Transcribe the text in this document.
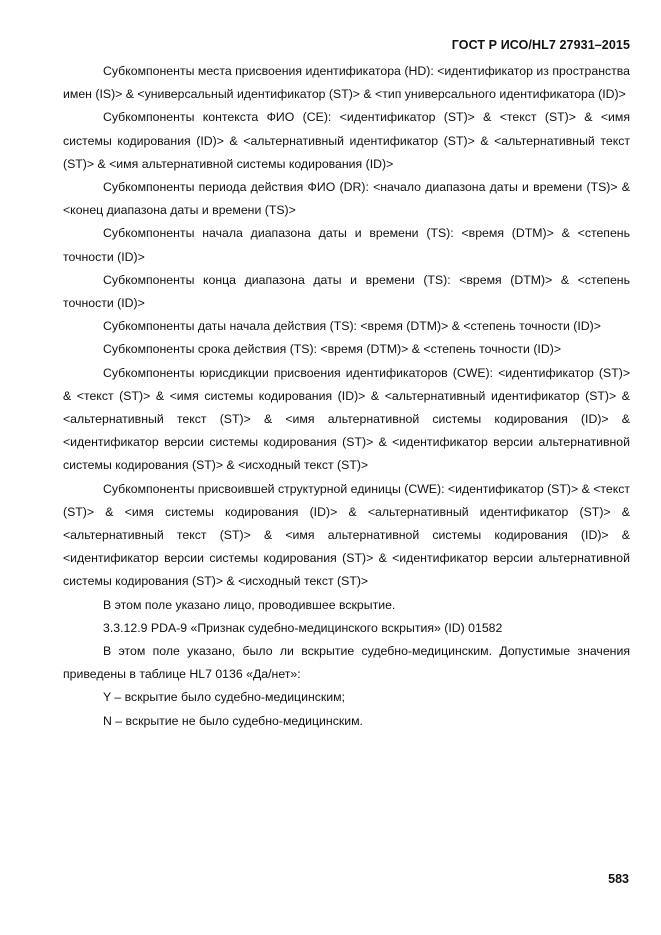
ГОСТ Р ИСО/HL7 27931–2015

Субкомпоненты места присвоения идентификатора (HD): <идентификатор из пространства имен (IS)> & <универсальный идентификатор (ST)> & <тип универсального идентификатора (ID)>

Субкомпоненты контекста ФИО (CE): <идентификатор (ST)> & <текст (ST)> & <имя системы кодирования (ID)> & <альтернативный идентификатор (ST)> & <альтернативный текст (ST)> & <имя альтернативной системы кодирования (ID)>

Субкомпоненты периода действия ФИО (DR): <начало диапазона даты и времени (TS)> & <конец диапазона даты и времени (TS)>

Субкомпоненты начала диапазона даты и времени (TS): <время (DTM)> & <степень точности (ID)>

Субкомпоненты конца диапазона даты и времени (TS): <время (DTM)> & <степень точности (ID)>

Субкомпоненты даты начала действия (TS): <время (DTM)> & <степень точности (ID)>

Субкомпоненты срока действия (TS): <время (DTM)> & <степень точности (ID)>

Субкомпоненты юрисдикции присвоения идентификаторов (CWE): <идентификатор (ST)> & <текст (ST)> & <имя системы кодирования (ID)> & <альтернативный идентификатор (ST)> & <альтернативный текст (ST)> & <имя альтернативной системы кодирования (ID)> & <идентификатор версии системы кодирования (ST)> & <идентификатор версии альтернативной системы кодирования (ST)> & <исходный текст (ST)>

Субкомпоненты присвоившей структурной единицы (CWE): <идентификатор (ST)> & <текст (ST)> & <имя системы кодирования (ID)> & <альтернативный идентификатор (ST)> & <альтернативный текст (ST)> & <имя альтернативной системы кодирования (ID)> & <идентификатор версии системы кодирования (ST)> & <идентификатор версии альтернативной системы кодирования (ST)> & <исходный текст (ST)>

В этом поле указано лицо, проводившее вскрытие.

3.3.12.9 PDA-9 «Признак судебно-медицинского вскрытия» (ID) 01582

В этом поле указано, было ли вскрытие судебно-медицинским. Допустимые значения приведены в таблице HL7 0136 «Да/нет»:

Y – вскрытие было судебно-медицинским;

N – вскрытие не было судебно-медицинским.

583
